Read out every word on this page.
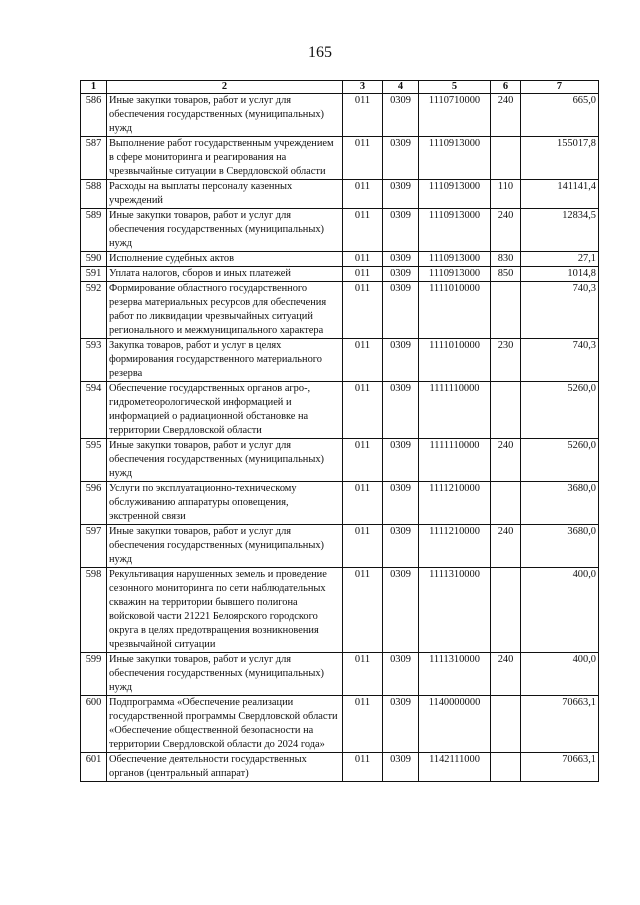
165
1	2	3	4	5	6	7
586	Иные закупки товаров, работ и услуг для обеспечения государственных (муниципальных) нужд	011	0309	1110710000	240	665,0
587	Выполнение работ государственным учреждением в сфере мониторинга и реагирования на чрезвычайные ситуации в Свердловской области	011	0309	1110913000		155017,8
588	Расходы на выплаты персоналу казенных учреждений	011	0309	1110913000	110	141141,4
589	Иные закупки товаров, работ и услуг для обеспечения государственных (муниципальных) нужд	011	0309	1110913000	240	12834,5
590	Исполнение судебных актов	011	0309	1110913000	830	27,1
591	Уплата налогов, сборов и иных платежей	011	0309	1110913000	850	1014,8
592	Формирование областного государственного резерва материальных ресурсов для обеспечения работ по ликвидации чрезвычайных ситуаций регионального и межмуниципального характера	011	0309	1111010000		740,3
593	Закупка товаров, работ и услуг в целях формирования государственного материального резерва	011	0309	1111010000	230	740,3
594	Обеспечение государственных органов агро-, гидрометеорологической информацией и информацией о радиационной обстановке на территории Свердловской области	011	0309	1111110000		5260,0
595	Иные закупки товаров, работ и услуг для обеспечения государственных (муниципальных) нужд	011	0309	1111110000	240	5260,0
596	Услуги по эксплуатационно-техническому обслуживанию аппаратуры оповещения, экстренной связи	011	0309	1111210000		3680,0
597	Иные закупки товаров, работ и услуг для обеспечения государственных (муниципальных) нужд	011	0309	1111210000	240	3680,0
598	Рекультивация нарушенных земель и проведение сезонного мониторинга по сети наблюдательных скважин на территории бывшего полигона войсковой части 21221 Белоярского городского округа в целях предотвращения возникновения чрезвычайной ситуации	011	0309	1111310000		400,0
599	Иные закупки товаров, работ и услуг для обеспечения государственных (муниципальных) нужд	011	0309	1111310000	240	400,0
600	Подпрограмма «Обеспечение реализации государственной программы Свердловской области «Обеспечение общественной безопасности на территории Свердловской области до 2024 года»	011	0309	1140000000		70663,1
601	Обеспечение деятельности государственных органов (центральный аппарат)	011	0309	1142111000		70663,1
